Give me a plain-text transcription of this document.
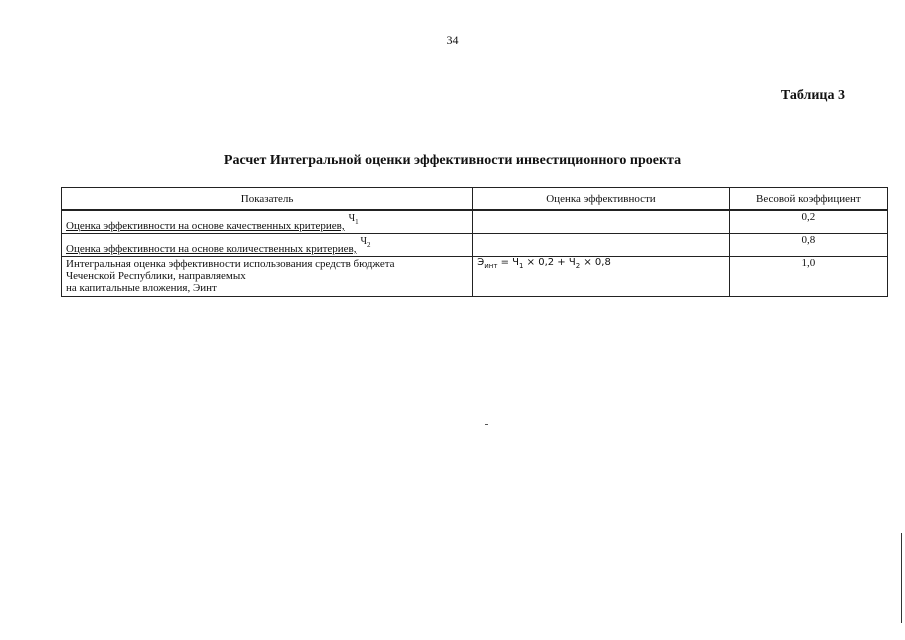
34
Таблица 3
Расчет Интегральной оценки эффективности инвестиционного проекта
Показатель	Оценка эффективности	Весовой коэффициент
Оценка эффективности на основе качественных $критериев,Ч_1$		0,2
Оценка эффективности на основе количественных $критериев,Ч_2$		0,8

Интегральная оценка эффективности использования средств бюджета
Чеченской Республики, направляемых
на капитальные вложения, Эинт	$Э_{инт} = Ч_1 \times 0,2 + Ч_2 \times 0,8$	1,0
